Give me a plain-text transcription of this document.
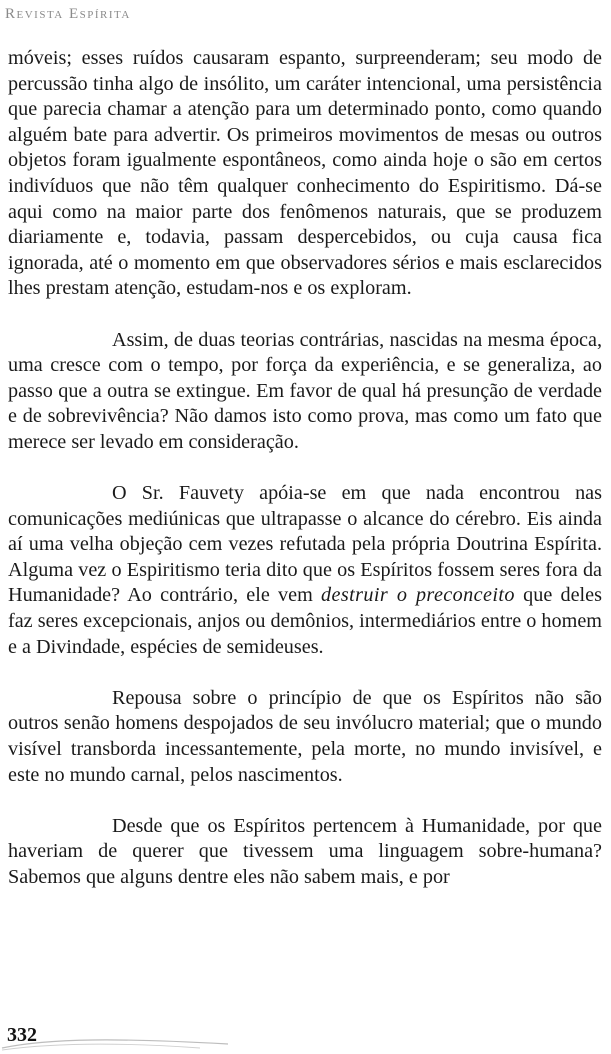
Revista Espírita

móveis; esses ruídos causaram espanto, surpreenderam; seu modo de percussão tinha algo de insólito, um caráter intencional, uma persistência que parecia chamar a atenção para um determinado ponto, como quando alguém bate para advertir. Os primeiros movimentos de mesas ou outros objetos foram igualmente espontâneos, como ainda hoje o são em certos indivíduos que não têm qualquer conhecimento do Espiritismo. Dá-se aqui como na maior parte dos fenômenos naturais, que se produzem diariamente e, todavia, passam despercebidos, ou cuja causa fica ignorada, até o momento em que observadores sérios e mais esclarecidos lhes prestam atenção, estudam-nos e os exploram.

Assim, de duas teorias contrárias, nascidas na mesma época, uma cresce com o tempo, por força da experiência, e se generaliza, ao passo que a outra se extingue. Em favor de qual há presunção de verdade e de sobrevivência? Não damos isto como prova, mas como um fato que merece ser levado em consideração.

O Sr. Fauvety apóia-se em que nada encontrou nas comunicações mediúnicas que ultrapasse o alcance do cérebro. Eis ainda aí uma velha objeção cem vezes refutada pela própria Doutrina Espírita. Alguma vez o Espiritismo teria dito que os Espíritos fossem seres fora da Humanidade? Ao contrário, ele vem destruir o preconceito que deles faz seres excepcionais, anjos ou demônios, intermediários entre o homem e a Divindade, espécies de semideuses.

Repousa sobre o princípio de que os Espíritos não são outros senão homens despojados de seu invólucro material; que o mundo visível transborda incessantemente, pela morte, no mundo invisível, e este no mundo carnal, pelos nascimentos.

Desde que os Espíritos pertencem à Humanidade, por que haveriam de querer que tivessem uma linguagem sobre-humana? Sabemos que alguns dentre eles não sabem mais, e por

332
